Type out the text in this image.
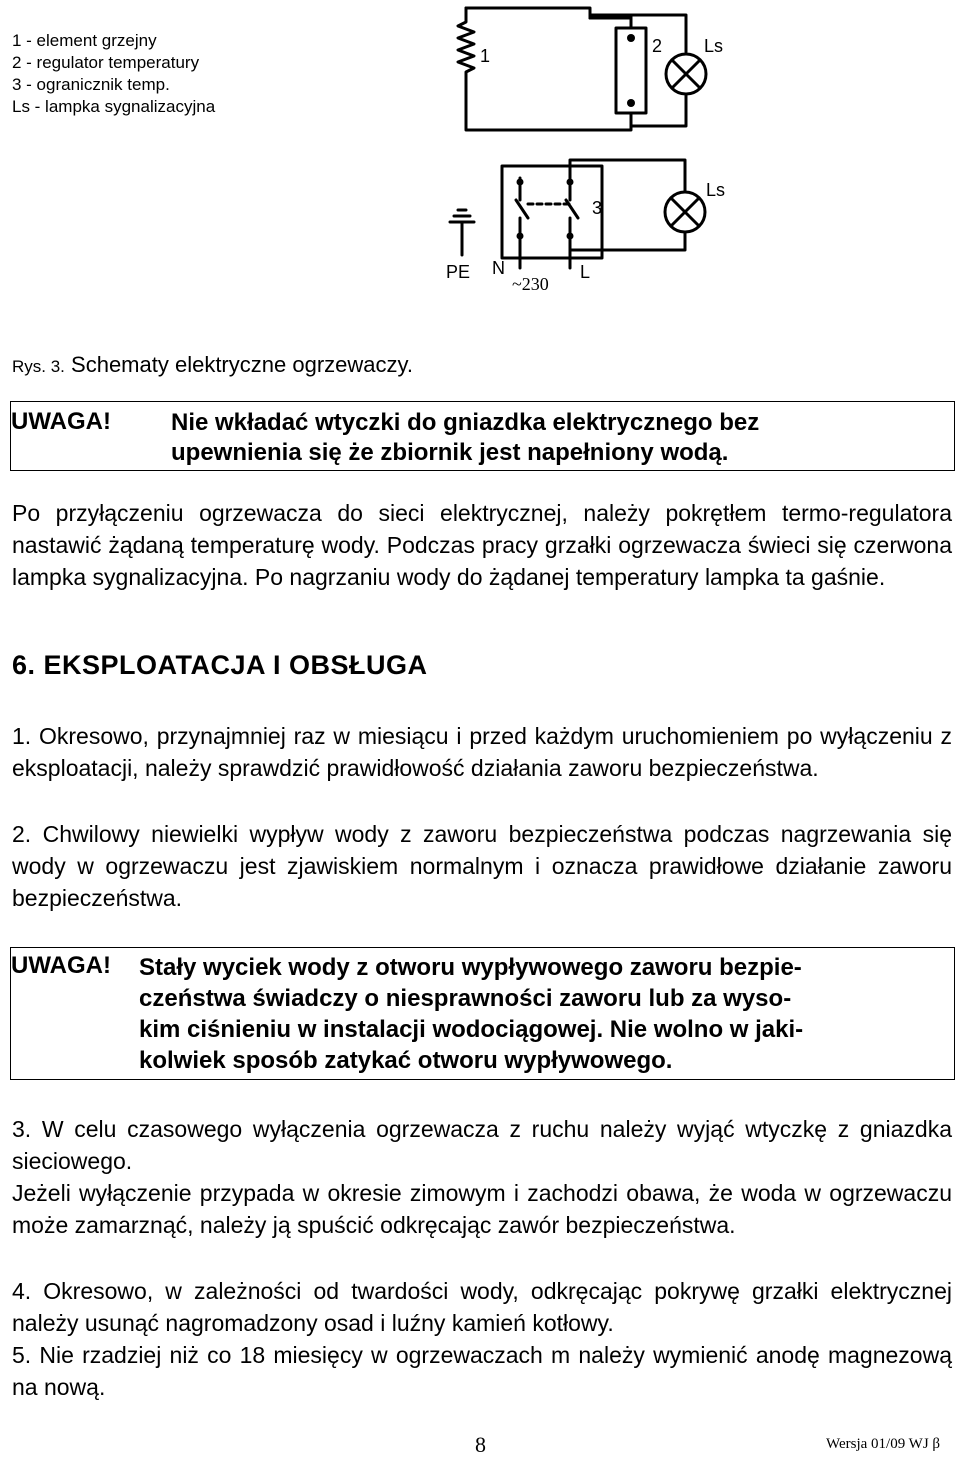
1 - element grzejny
2 - regulator temperatury
3 - ogranicznik temp.
Ls - lampka sygnalizacyjna
1	2 Ls
3
Ls
PE N	L
~230
Rys. 3. Schematy elektryczne ogrzewaczy.
UWAGA!	Nie wkładać wtyczki do gniazdka elektrycznego bez
upewnienia się że zbiornik jest napełniony wodą.
Po przyłączeniu ogrzewacza do sieci elektrycznej, należy pokrętłem termo-regulatora nastawić żądaną temperaturę wody. Podczas pracy grzałki ogrzewacza świeci się czerwona lampka sygnalizacyjna. Po nagrzaniu wody do żądanej temperatury lampka ta gaśnie.
6. EKSPLOATACJA I OBSŁUGA
1. Okresowo, przynajmniej raz w miesiącu i przed każdym uruchomieniem po wyłączeniu z eksploatacji, należy sprawdzić prawidłowość działania zaworu bezpieczeństwa.
2. Chwilowy niewielki wypływ wody z zaworu bezpieczeństwa podczas nagrzewania się wody w ogrzewaczu jest zjawiskiem normalnym i oznacza prawidłowe działanie zaworu bezpieczeństwa.
UWAGA! Stały wyciek wody z otworu wypływowego zaworu bezpie-
czeństwa świadczy o niesprawności zaworu lub za wyso-
kim ciśnieniu w instalacji wodociągowej. Nie wolno w jaki-
kolwiek sposób zatykać otworu wypływowego.
3. W celu czasowego wyłączenia ogrzewacza z ruchu należy wyjąć wtyczkę z gniazdka sieciowego.
Jeżeli wyłączenie przypada w okresie zimowym i zachodzi obawa, że woda w ogrzewaczu może zamarznąć, należy ją spuścić odkręcając zawór bezpieczeństwa.
4. Okresowo, w zależności od twardości wody, odkręcając pokrywę grzałki elektrycznej należy usunąć nagromadzony osad i luźny kamień kotłowy.
5. Nie rzadziej niż co 18 miesięcy w ogrzewaczach m należy wymienić anodę magnezową na nową.
8	Wersja 01/09 WJ β
